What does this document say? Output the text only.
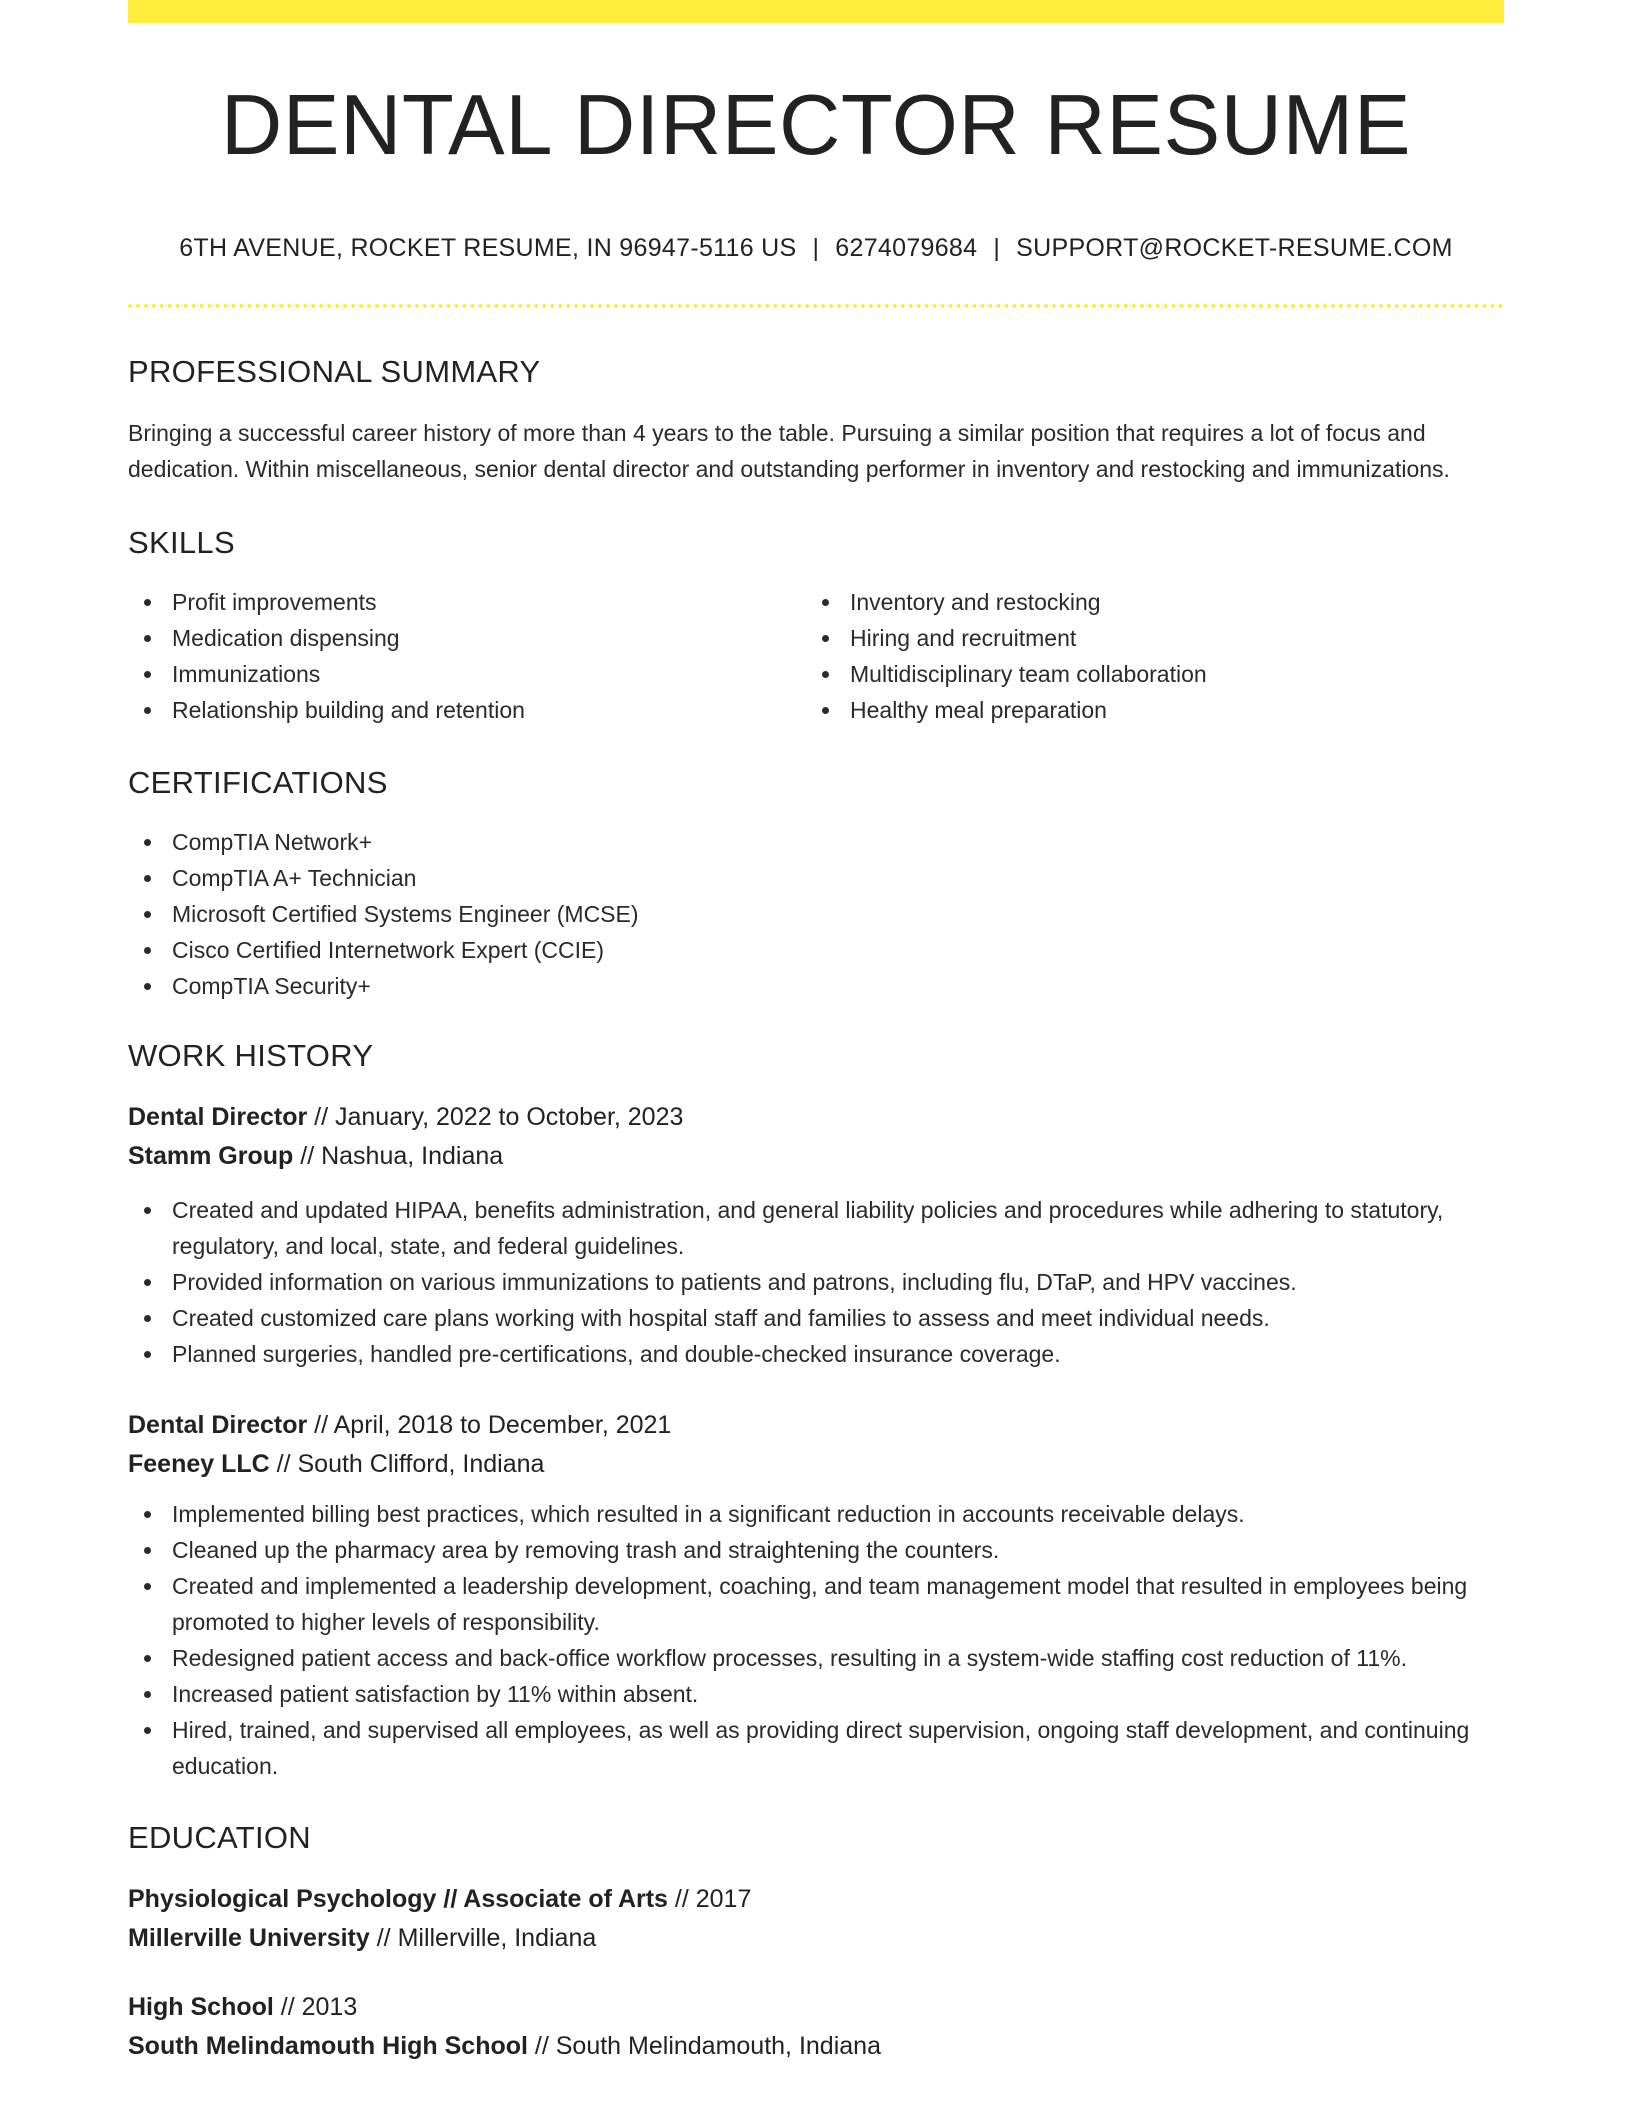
DENTAL DIRECTOR RESUME
6TH AVENUE, ROCKET RESUME, IN 96947-5116 US | 6274079684 | SUPPORT@ROCKET-RESUME.COM
PROFESSIONAL SUMMARY

Bringing a successful career history of more than 4 years to the table. Pursuing a similar position that requires a lot of focus and dedication. Within miscellaneous, senior dental director and outstanding performer in inventory and restocking and immunizations.

SKILLS
Profit improvements
Medication dispensing
Immunizations
Relationship building and retention
Inventory and restocking
Hiring and recruitment
Multidisciplinary team collaboration
Healthy meal preparation
CERTIFICATIONS
CompTIA Network+
CompTIA A+ Technician
Microsoft Certified Systems Engineer (MCSE)
Cisco Certified Internetwork Expert (CCIE)
CompTIA Security+
WORK HISTORY
Dental Director // January, 2022 to October, 2023
Stamm Group // Nashua, Indiana
Created and updated HIPAA, benefits administration, and general liability policies and procedures while adhering to statutory, regulatory, and local, state, and federal guidelines.
Provided information on various immunizations to patients and patrons, including flu, DTaP, and HPV vaccines.
Created customized care plans working with hospital staff and families to assess and meet individual needs.
Planned surgeries, handled pre-certifications, and double-checked insurance coverage.
Dental Director // April, 2018 to December, 2021
Feeney LLC // South Clifford, Indiana
Implemented billing best practices, which resulted in a significant reduction in accounts receivable delays.
Cleaned up the pharmacy area by removing trash and straightening the counters.
Created and implemented a leadership development, coaching, and team management model that resulted in employees being promoted to higher levels of responsibility.
Redesigned patient access and back-office workflow processes, resulting in a system-wide staffing cost reduction of 11%.
Increased patient satisfaction by 11% within absent.
Hired, trained, and supervised all employees, as well as providing direct supervision, ongoing staff development, and continuing education.
EDUCATION
Physiological Psychology // Associate of Arts // 2017
Millerville University // Millerville, Indiana
High School // 2013
South Melindamouth High School // South Melindamouth, Indiana
